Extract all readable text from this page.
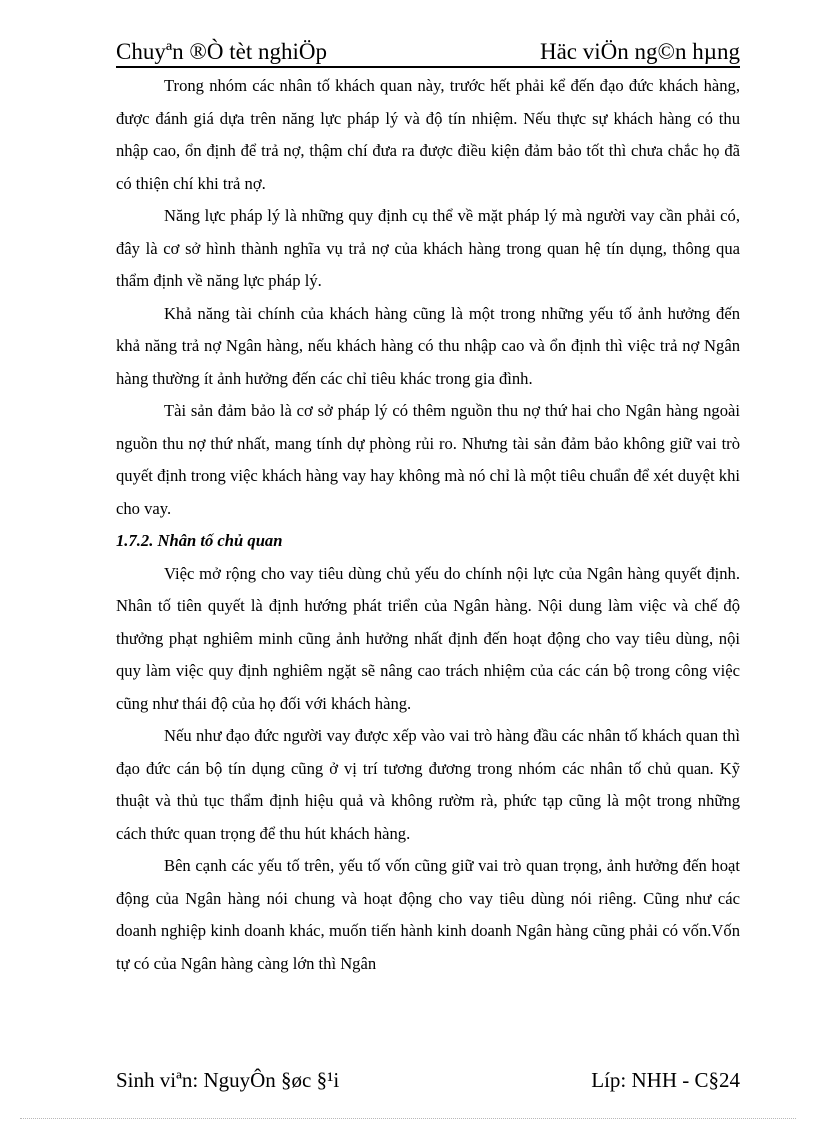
Chuyªn ®Ò tèt nghiÖp	Häc viÖn ng©n hµng

Trong nhóm các nhân tố khách quan này, trước hết phải kể đến đạo đức khách hàng, được đánh giá dựa trên năng lực pháp lý và độ tín nhiệm. Nếu thực sự khách hàng có thu nhập cao, ổn định để trả nợ, thậm chí đưa ra được điều kiện đảm bảo tốt thì chưa chắc họ đã có thiện chí khi trả nợ.

Năng lực pháp lý là những quy định cụ thể về mặt pháp lý mà người vay cần phải có, đây là cơ sở hình thành nghĩa vụ trả nợ của khách hàng trong quan hệ tín dụng, thông qua thẩm định về năng lực pháp lý.

Khả năng tài chính của khách hàng cũng là một trong những yếu tố ảnh hưởng đến khả năng trả nợ Ngân hàng, nếu khách hàng có thu nhập cao và ổn định thì việc trả nợ Ngân hàng thường ít ảnh hưởng đến các chỉ tiêu khác trong gia đình.

Tài sản đảm bảo là cơ sở pháp lý có thêm nguồn thu nợ thứ hai cho Ngân hàng ngoài nguồn thu nợ thứ nhất, mang tính dự phòng rủi ro. Nhưng tài sản đảm bảo không giữ vai trò quyết định trong việc khách hàng vay hay không mà nó chỉ là một tiêu chuẩn để xét duyệt khi cho vay.

1.7.2. Nhân tố chủ quan

Việc mở rộng cho vay tiêu dùng chủ yếu do chính nội lực của Ngân hàng quyết định. Nhân tố tiên quyết là định hướng phát triển của Ngân hàng. Nội dung làm việc và chế độ thưởng phạt nghiêm minh cũng ảnh hưởng nhất định đến hoạt động cho vay tiêu dùng, nội quy làm việc quy định nghiêm ngặt sẽ nâng cao trách nhiệm của các cán bộ trong công việc cũng như thái độ của họ đối với khách hàng.

Nếu như đạo đức người vay được xếp vào vai trò hàng đầu các nhân tố khách quan thì đạo đức cán bộ tín dụng cũng ở vị trí tương đương trong nhóm các nhân tố chủ quan. Kỹ thuật và thủ tục thẩm định hiệu quả và không rườm rà, phức tạp cũng là một trong những cách thức quan trọng để thu hút khách hàng.

Bên cạnh các yếu tố trên, yếu tố vốn cũng giữ vai trò quan trọng, ảnh hưởng đến hoạt động của Ngân hàng nói chung và hoạt động cho vay tiêu dùng nói riêng. Cũng như các doanh nghiệp kinh doanh khác, muốn tiến hành kinh doanh Ngân hàng cũng phải có vốn.Vốn tự có của Ngân hàng càng lớn thì Ngân

Sinh viªn: NguyÔn §øc §¹i	Líp: NHH - C§24
